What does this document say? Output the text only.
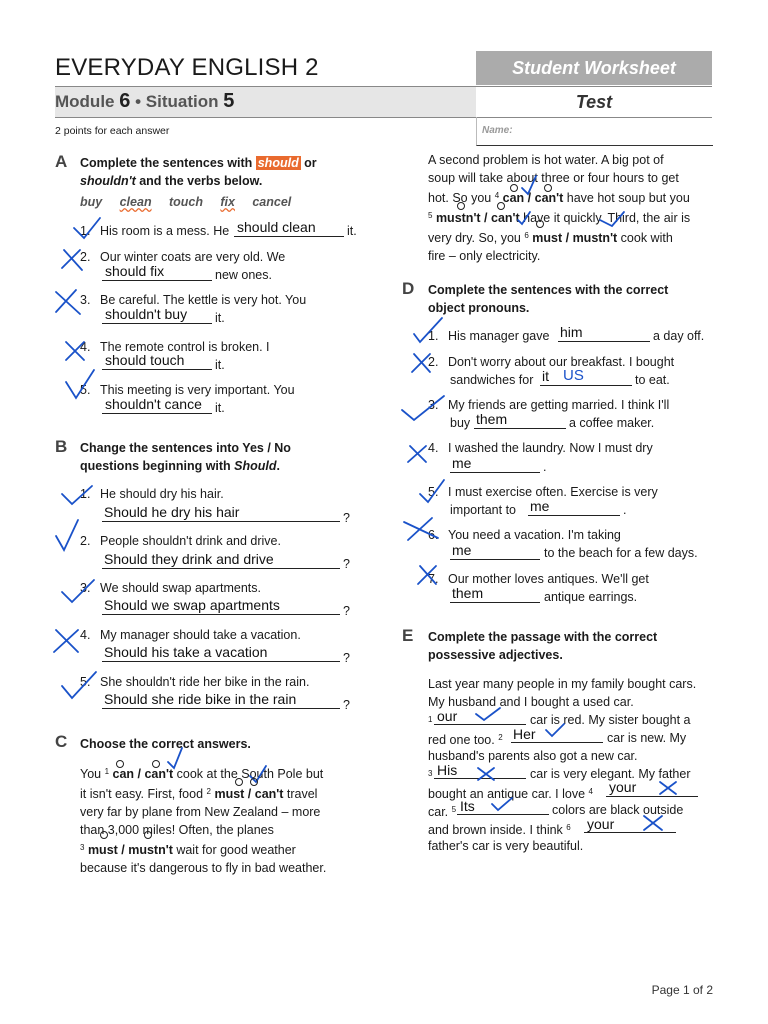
EVERYDAY ENGLISH 2	Student Worksheet
Module 6 • Situation 5	Test
Name:
2 points for each answer
A Complete the sentences with should or
shouldn't and the verbs below.
buy clean touch fix cancel
1. His room is a mess. He should clean	it.
2. Our winter coats are very old. We
should fix	new ones.
3. Be careful. The kettle is very hot. You
shouldn't buy it.
4. The remote control is broken. I
should touch it.
5. This meeting is very important. You
shouldn't cance it.
B Change the sentences into Yes / No
questions beginning with Should.
1. He should dry his hair.
Should he dry his hair	?
2. People shouldn't drink and drive.
Should they drink and drive	?
3. We should swap apartments.
Should we swap apartments	?
4. My manager should take a vacation.
Should his take a vacation	?
5. She shouldn't ride her bike in the rain.
Should she ride bike in the rain	?
C Choose the correct answers.
You $^1$ can / can't cook at the South Pole but
it isn't easy. First, food $^2$ must / can't travel
very far by plane from New Zealand – more
than 3,000 miles! Often, the planes
$^3$ must / mustn't wait for good weather
because it's dangerous to fly in bad weather.
A second problem is hot water. A big pot of
soup will take about three or four hours to get
hot. So you $^4$ can / can't have hot soup but you
$^5$ mustn't / can't have it quickly. Third, the air is
very dry. So, you $^6$ must / mustn't cook with
fire – only electricity.
D Complete the sentences with the correct
object pronouns.
1. His manager gave him	a day off.
2. Don't worry about our breakfast. I bought
sandwiches for it US	to eat.
3. My friends are getting married. I think I'll
buy them	a coffee maker.
4. I washed the laundry. Now I must dry
me	.
5. I must exercise often. Exercise is very
important to me	.
6. You need a vacation. I'm taking
me	to the beach for a few days.
7. Our mother loves antiques. We'll get
them	antique earrings.
E Complete the passage with the correct
possessive adjectives.
Last year many people in my family bought cars.
My husband and I bought a used car.
$^1$ our	car is red. My sister bought a
red one too. $^2$ Her	car is new. My
husband's parents also got a new car.
$^3$ His	car is very elegant. My father
bought an antique car. I love $^4$ your
car. $^5$ Its	colors are black outside
and brown inside. I think $^6$ your
father's car is very beautiful.
Page 1 of 2
